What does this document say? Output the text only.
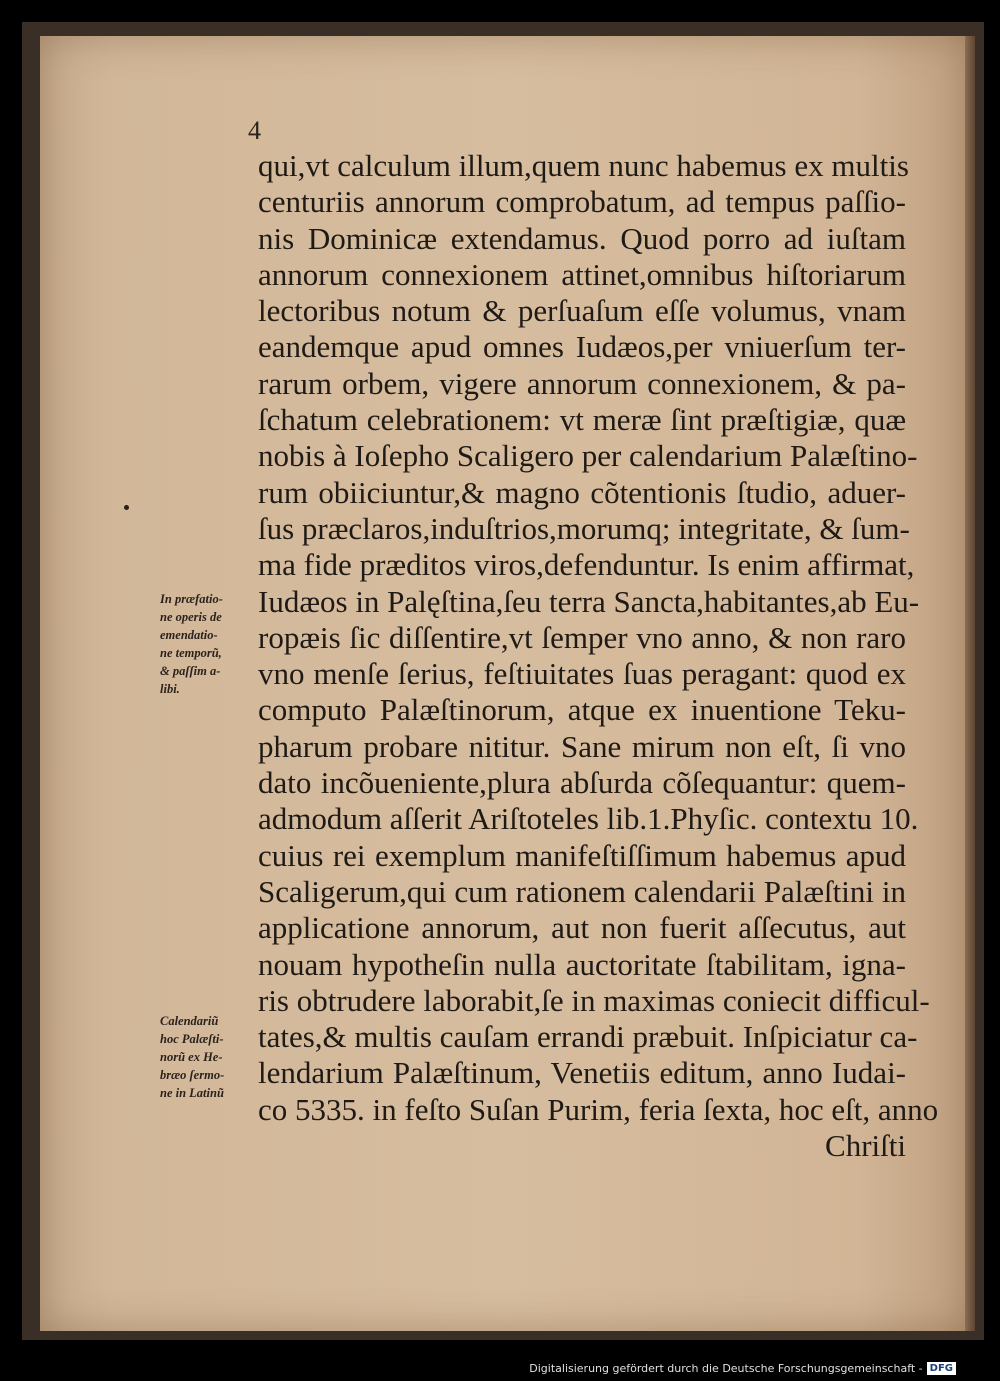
4
qui,vt calculum illum,quem nunc habemus ex multis
centuriis annorum comprobatum, ad tempus paſſio-
nis Dominicæ extendamus. Quod porro ad iuſtam
annorum connexionem attinet,omnibus hiſtoriarum
lectoribus notum & perſuaſum eſſe volumus, vnam
eandemque apud omnes Iudæos,per vniuerſum ter-
rarum orbem, vigere annorum connexionem, & pa-
ſchatum celebrationem: vt meræ ſint præſtigiæ, quæ
nobis à Ioſepho Scaligero per calendarium Palæſtino-
rum obiiciuntur,& magno cõtentionis ſtudio, aduer-
ſus præclaros,induſtrios,morumq; integritate, & ſum-
ma fide præditos viros,defenduntur. Is enim affirmat,
Iudæos in Palęſtina,ſeu terra Sancta,habitantes,ab Eu-
ropæis ſic diſſentire,vt ſemper vno anno, & non raro
vno menſe ſerius, feſtiuitates ſuas peragant: quod ex
computo Palæſtinorum, atque ex inuentione Teku-
pharum probare nititur. Sane mirum non eſt, ſi vno
dato incõueniente,plura abſurda cõſequantur: quem-
admodum aſſerit Ariſtoteles lib.1.Phyſic. contextu 10.
cuius rei exemplum manifeſtiſſimum habemus apud
Scaligerum,qui cum rationem calendarii Palæſtini in
applicatione annorum, aut non fuerit aſſecutus, aut
nouam hypotheſin nulla auctoritate ſtabilitam, igna-
ris obtrudere laborabit,ſe in maximas coniecit difficul-
tates,& multis cauſam errandi præbuit. Inſpiciatur ca-
lendarium Palæſtinum, Venetiis editum, anno Iudai-
co 5335. in feſto Suſan Purim, feria ſexta, hoc eſt, anno
Chriſti
In præfatio-
ne operis de
emendatio-
ne temporũ,
& paſſim a-
libi.
Calendariũ
hoc Palæſti-
norũ ex He-
bræo ſermo-
ne in Latinũ
Digitalisierung gefördert durch die Deutsche Forschungsgemeinschaft - DFG
